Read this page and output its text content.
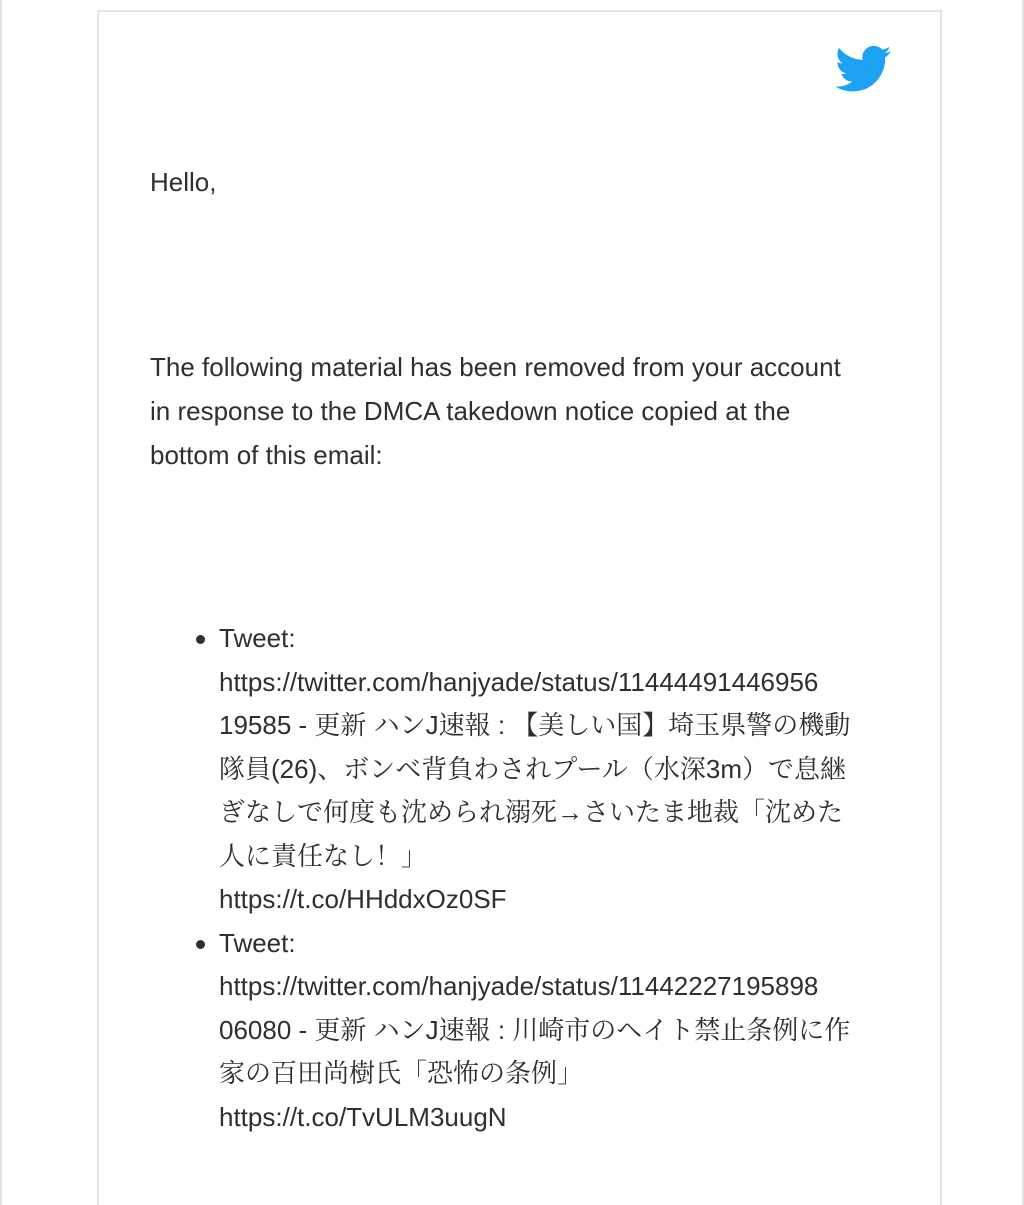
Hello,

The following material has been removed from your account
in response to the DMCA takedown notice copied at the
bottom of this email:

Tweet:
https://twitter.com/hanjyade/status/11444491446956
19585 - 更新 ハンJ速報 : 【美しい国】埼玉県警の機動
隊員(26)、ボンベ背負わされプール（水深3m）で息継
ぎなしで何度も沈められ溺死→さいたま地裁「沈めた
人に責任なし！」
https://t.co/HHddxOz0SF
Tweet:
https://twitter.com/hanjyade/status/11442227195898
06080 - 更新 ハンJ速報 : 川崎市のヘイト禁止条例に作
家の百田尚樹氏「恐怖の条例」
https://t.co/TvULM3uugN
